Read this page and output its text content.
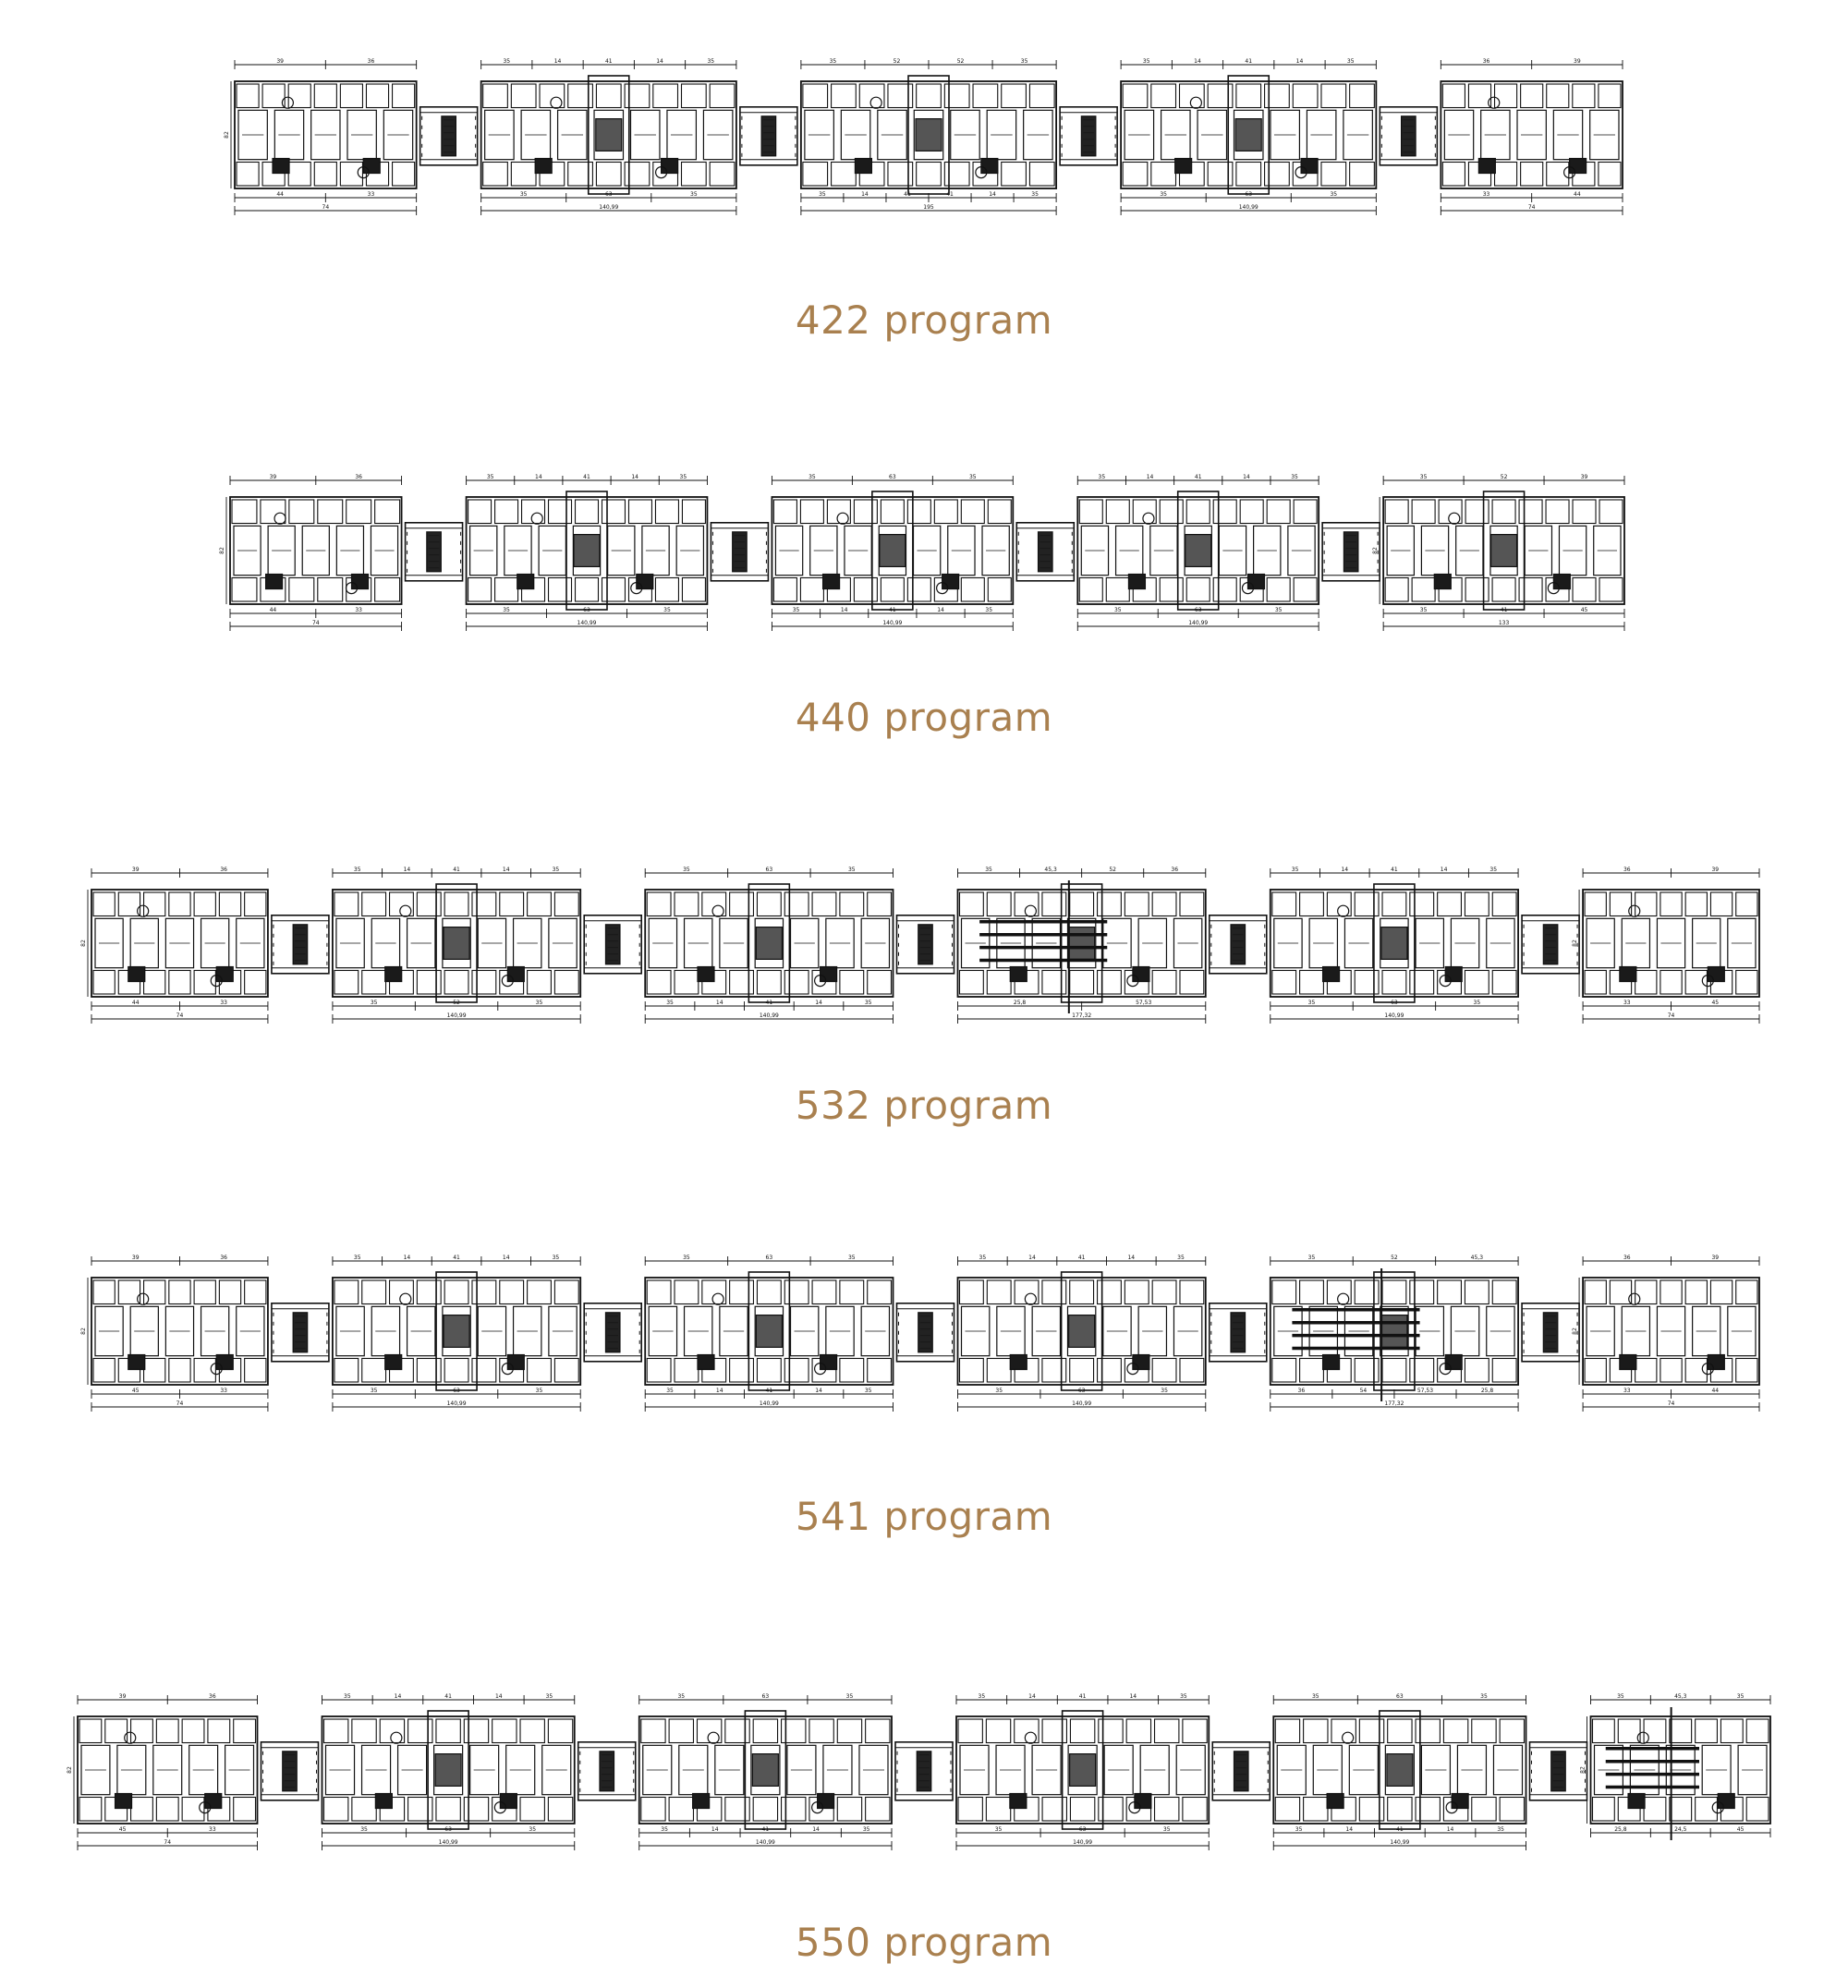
39	36
44	33
74
82
35	14	41	14	35
35	63	35
140,99
35	52	52	35
35	14	41	41	14	35
195
35	14	41	14	35
35	63	35
140,99
36	39
33	44
74
422 program
39	36
44	33
74
82
35	14	41	14	35
35	63	35
140,99
35	63	35
35	14	41	14	35
140,99
35	14	41	14	35
35	63	35
140,99
35	52	39
35	41	45
133
82
440 program
39	36
44	33
74
82
35	14	41	14	35
35	52	35
140,99
35	63	35
35	14	41	14	35
140,99
35	45,3	52	36
25,8	57,53
177,32
35	14	41	14	35
35	63	35
140,99
36	39
33	45
74
82
532 program
39	36
45	33
74
82
35	14	41	14	35
35	63	35
140,99
35	63	35
35	14	41	14	35
140,99
35	14	41	14	35
35	63	35
140,99
35	52	45,3
36	54	57,53	25,8
177,32
36	39
33	44
74
82
541 program
39	36
45	33
74
82
35	14	41	14	35
35	63	35
140,99
35	63	35
35	14	41	14	35
140,99
35	14	41	14	35
35	63	35
140,99
35	63	35
35	14	41	14	35
140,99
35	45,3	35
25,8	24,5	45
82
550 program
